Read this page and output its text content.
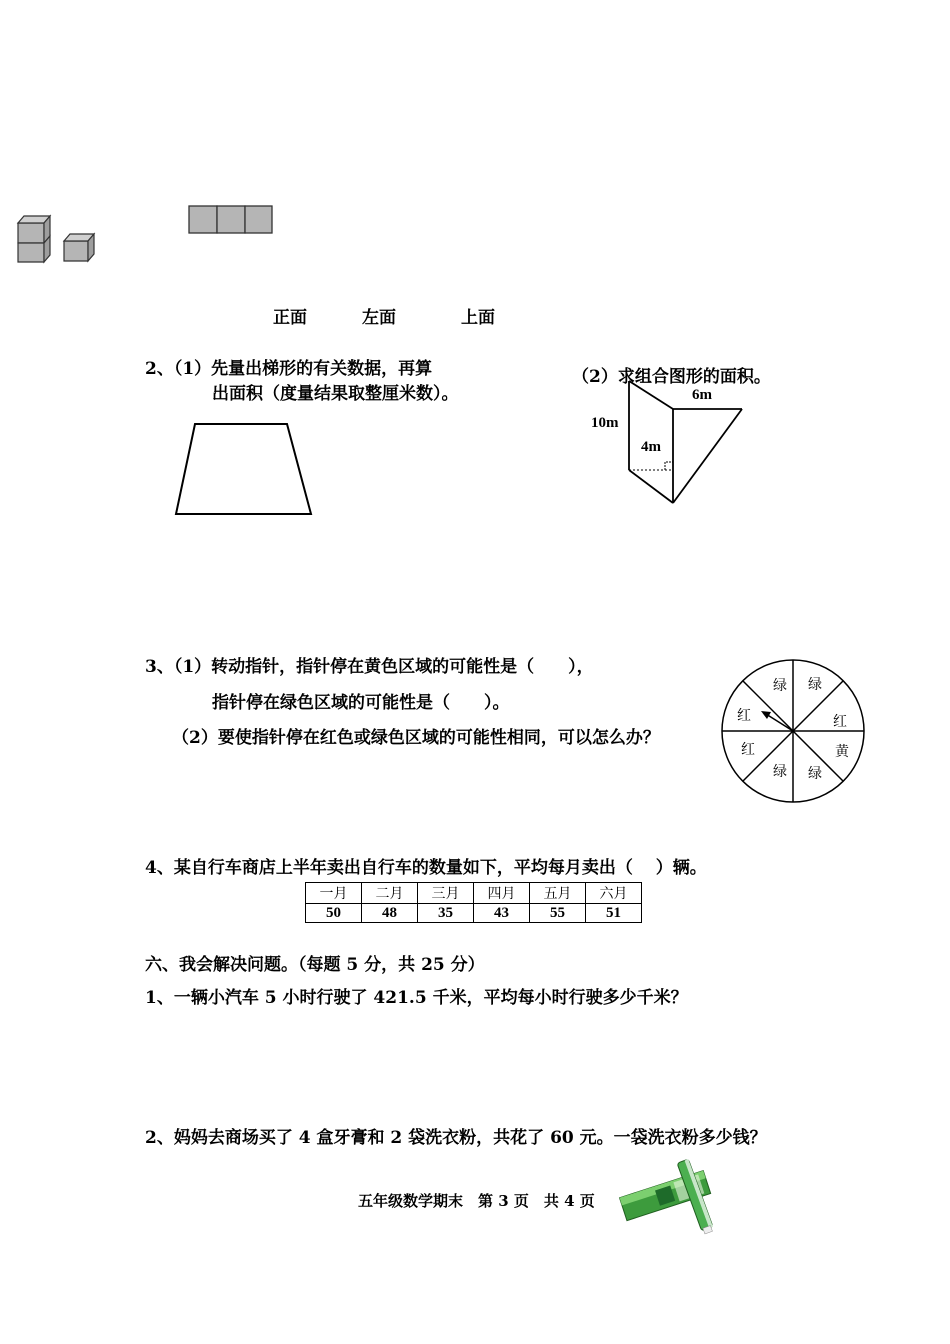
正面	左面	上面
2、（1）先量出梯形的有关数据，再算
出面积（度量结果取整厘米数）。
（2）求组合图形的面积。
10m
6m
4m
3、（1）转动指针，指针停在黄色区域的可能性是（　　），
指针停在绿色区域的可能性是（　　）。
（2）要使指针停在红色或绿色区域的可能性相同，可以怎么办？
绿
红
黄
绿
绿
红
红
绿
4、某自行车商店上半年卖出自行车的数量如下，平均每月卖出（　 ）辆。
一月	二月	三月	四月	五月	六月
50	48	35	43	55	51
六、我会解决问题。（每题 5 分，共 25 分）
1、一辆小汽车 5 小时行驶了 421.5 千米，平均每小时行驶多少千米？
2、妈妈去商场买了 4 盒牙膏和 2 袋洗衣粉，共花了 60 元。一袋洗衣粉多少钱？
五年级数学期末　第 3 页　共 4 页
